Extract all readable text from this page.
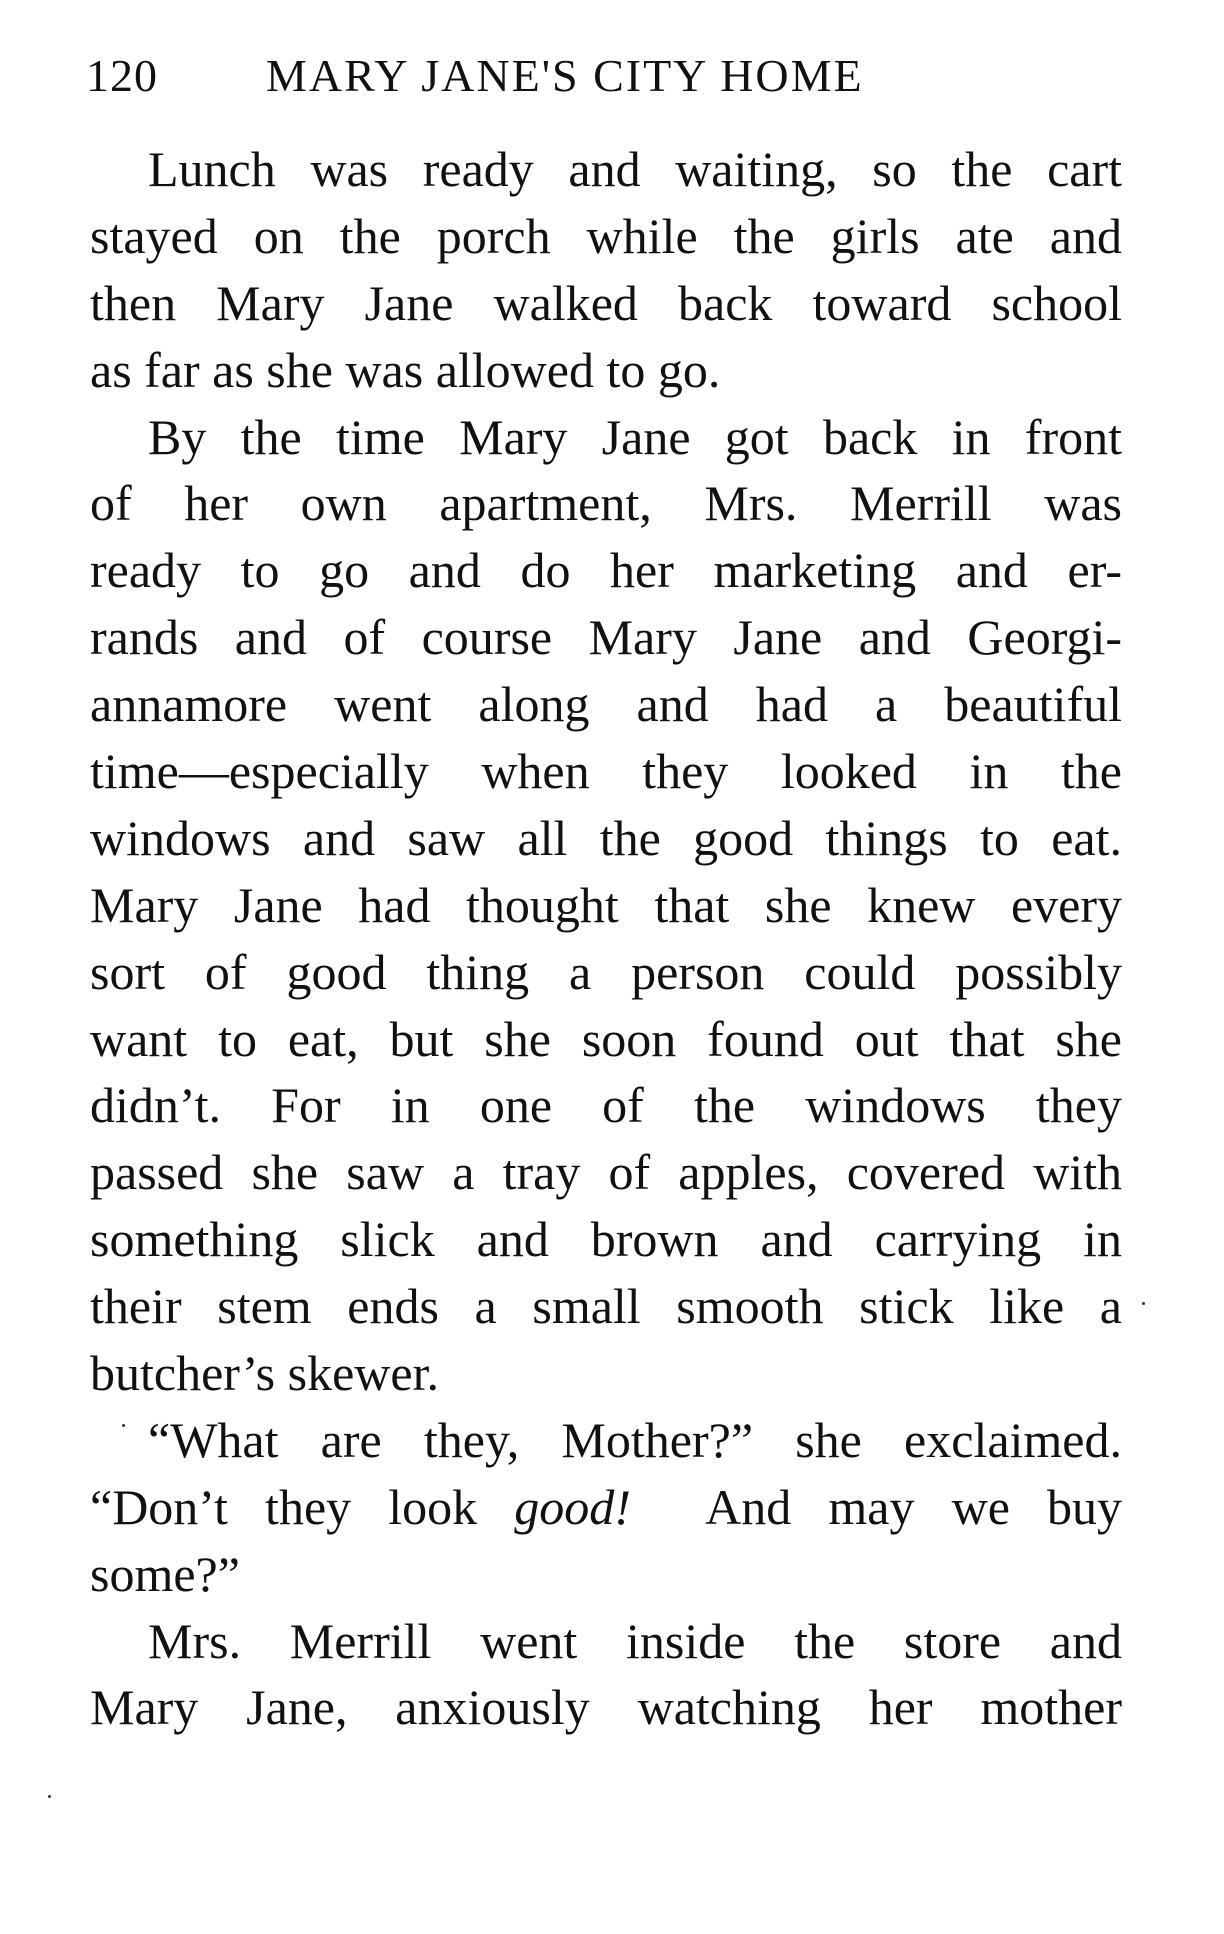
120 MARY JANE'S CITY HOME
Lunch was ready and waiting, so the cart
stayed on the porch while the girls ate and
then Mary Jane walked back toward school
as far as she was allowed to go.
By the time Mary Jane got back in front
of her own apartment, Mrs. Merrill was
ready to go and do her marketing and er-
rands and of course Mary Jane and Georgi-
annamore went along and had a beautiful
time—especially when they looked in the
windows and saw all the good things to eat.
Mary Jane had thought that she knew every
sort of good thing a person could possibly
want to eat, but she soon found out that she
didn’t. For in one of the windows they
passed she saw a tray of apples, covered with
something slick and brown and carrying in
their stem ends a small smooth stick like a
butcher’s skewer.
“What are they, Mother?” she exclaimed.
“Don’t they look good! And may we buy
some?”
Mrs. Merrill went inside the store and
Mary Jane, anxiously watching her mother
